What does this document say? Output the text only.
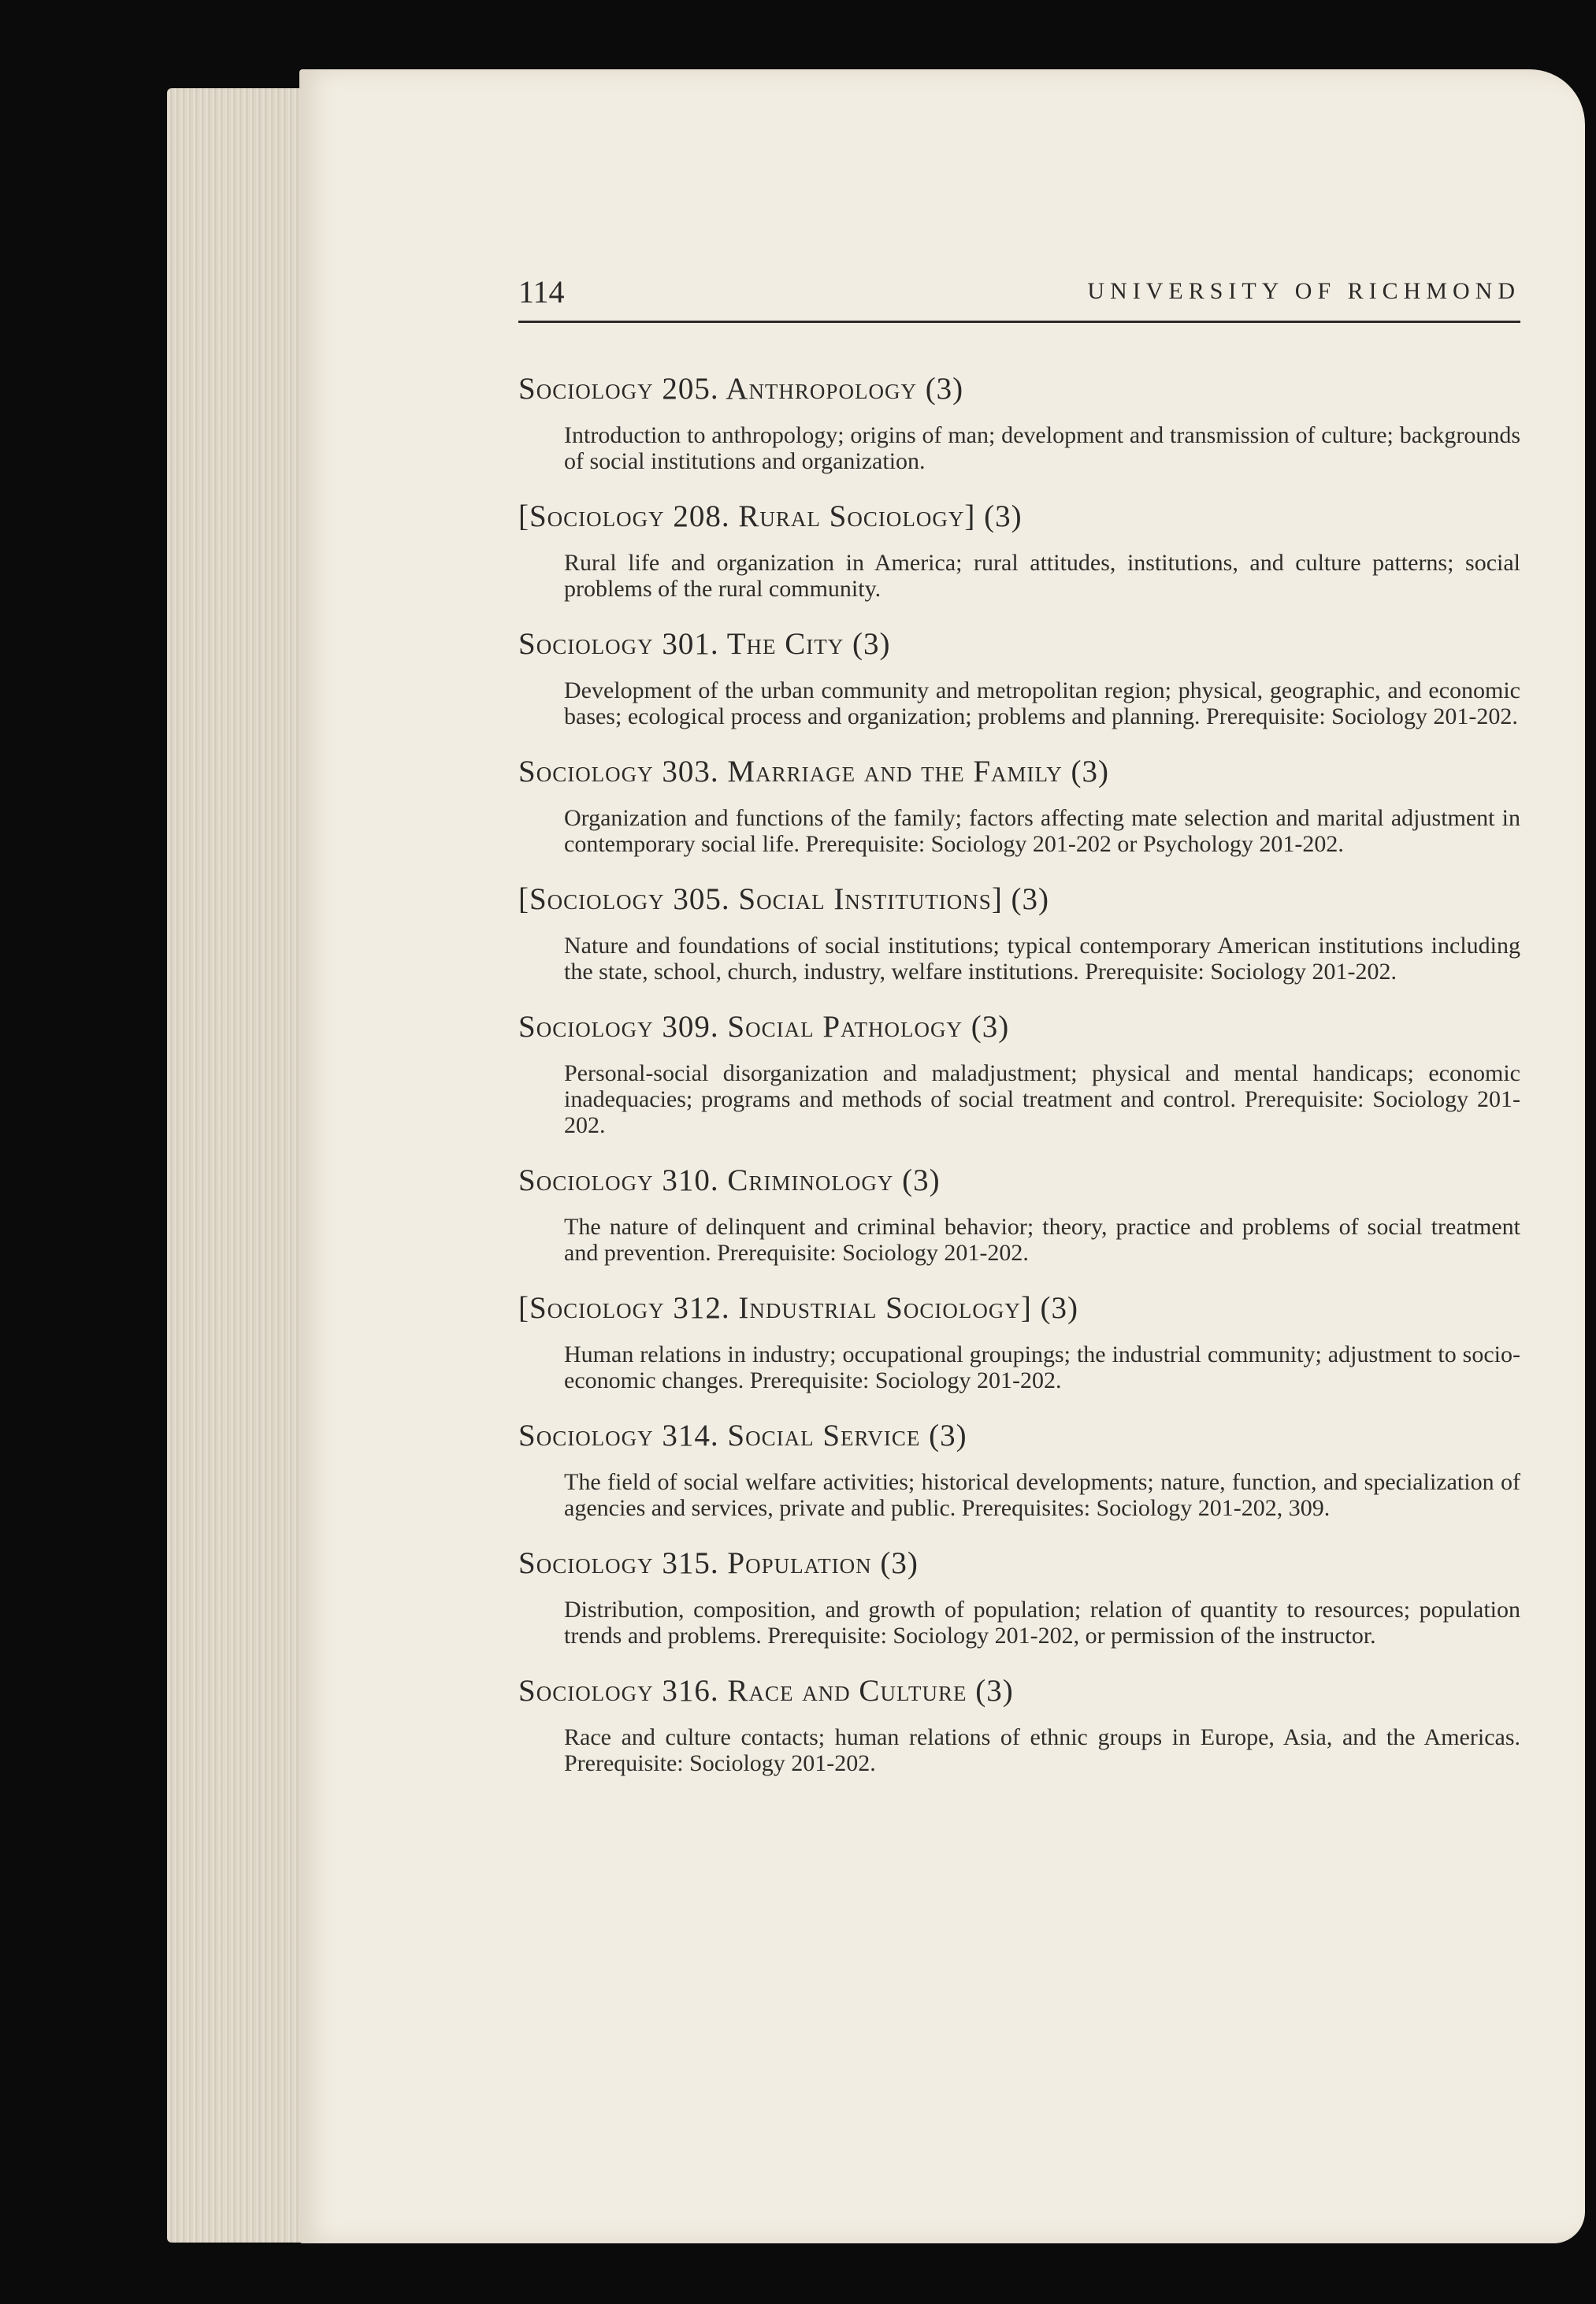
114	UNIVERSITY OF RICHMOND
Sociology 205. Anthropology (3)
Introduction to anthropology; origins of man; development and transmission of culture; backgrounds of social institutions and organization.
[Sociology 208. Rural Sociology] (3)
Rural life and organization in America; rural attitudes, institutions, and culture patterns; social problems of the rural community.
Sociology 301. The City (3)
Development of the urban community and metropolitan region; physical, geographic, and economic bases; ecological process and organization; problems and planning. Prerequisite: Sociology 201-202.
Sociology 303. Marriage and the Family (3)
Organization and functions of the family; factors affecting mate selection and marital adjustment in contemporary social life. Prerequisite: Sociology 201-202 or Psychology 201-202.
[Sociology 305. Social Institutions] (3)
Nature and foundations of social institutions; typical contemporary American institutions including the state, school, church, industry, welfare institutions. Prerequisite: Sociology 201-202.
Sociology 309. Social Pathology (3)
Personal-social disorganization and maladjustment; physical and mental handicaps; economic inadequacies; programs and methods of social treatment and control. Prerequisite: Sociology 201-202.
Sociology 310. Criminology (3)
The nature of delinquent and criminal behavior; theory, practice and problems of social treatment and prevention. Prerequisite: Sociology 201-202.
[Sociology 312. Industrial Sociology] (3)
Human relations in industry; occupational groupings; the industrial community; adjustment to socio-economic changes. Prerequisite: Sociology 201-202.
Sociology 314. Social Service (3)
The field of social welfare activities; historical developments; nature, function, and specialization of agencies and services, private and public. Prerequisites: Sociology 201-202, 309.
Sociology 315. Population (3)
Distribution, composition, and growth of population; relation of quantity to resources; population trends and problems. Prerequisite: Sociology 201-202, or permission of the instructor.
Sociology 316. Race and Culture (3)
Race and culture contacts; human relations of ethnic groups in Europe, Asia, and the Americas. Prerequisite: Sociology 201-202.
